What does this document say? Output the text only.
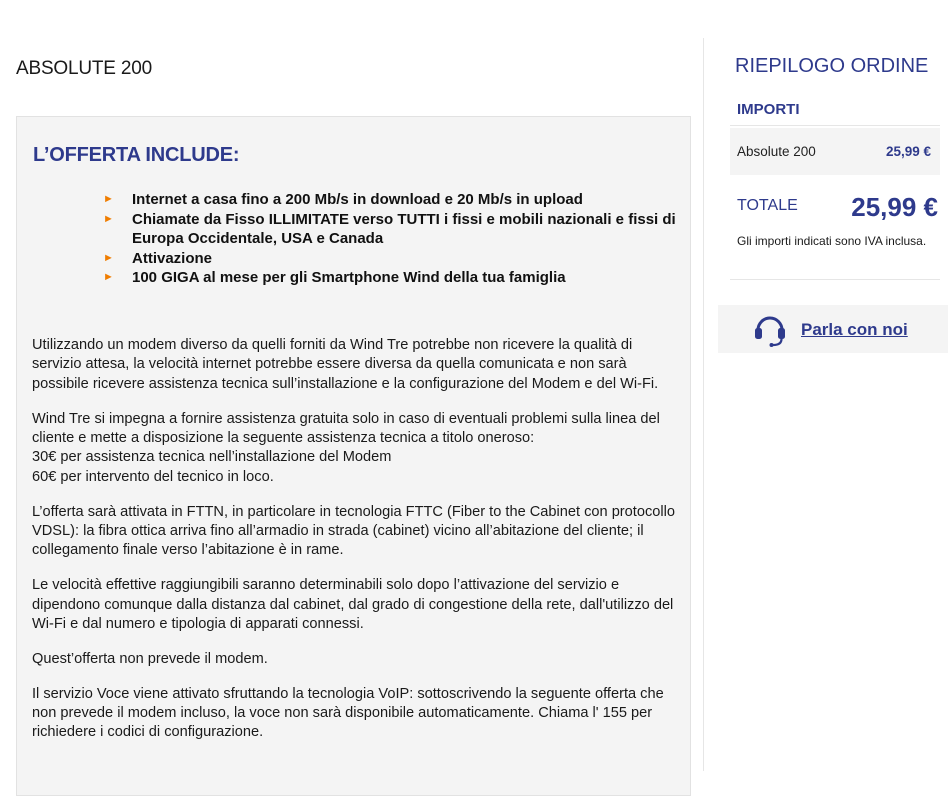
ABSOLUTE 200
L’OFFERTA INCLUDE:
► Internet a casa fino a 200 Mb/s in download e 20 Mb/s in upload
► Chiamate da Fisso ILLIMITATE verso TUTTI i fissi e mobili nazionali e fissi di Europa Occidentale, USA e Canada
► Attivazione
► 100 GIGA al mese per gli Smartphone Wind della tua famiglia

Utilizzando un modem diverso da quelli forniti da Wind Tre potrebbe non ricevere la qualità di servizio attesa, la velocità internet potrebbe essere diversa da quella comunicata e non sarà possibile ricevere assistenza tecnica sull’installazione e la configurazione del Modem e del Wi-Fi.

Wind Tre si impegna a fornire assistenza gratuita solo in caso di eventuali problemi sulla linea del cliente e mette a disposizione la seguente assistenza tecnica a titolo oneroso:
30€ per assistenza tecnica nell’installazione del Modem
60€ per intervento del tecnico in loco.

L’offerta sarà attivata in FTTN, in particolare in tecnologia FTTC (Fiber to the Cabinet con protocollo VDSL): la fibra ottica arriva fino all’armadio in strada (cabinet) vicino all’abitazione del cliente; il collegamento finale verso l’abitazione è in rame.

Le velocità effettive raggiungibili saranno determinabili solo dopo l’attivazione del servizio e dipendono comunque dalla distanza dal cabinet, dal grado di congestione della rete, dall'utilizzo del Wi-Fi e dal numero e tipologia di apparati connessi.

Quest’offerta non prevede il modem.

Il servizio Voce viene attivato sfruttando la tecnologia VoIP: sottoscrivendo la seguente offerta che non prevede il modem incluso, la voce non sarà disponibile automaticamente. Chiama l' 155 per richiedere i codici di configurazione.

RIEPILOGO ORDINE
IMPORTI
Absolute 200	25,99 €
TOTALE 25,99 €
Gli importi indicati sono IVA inclusa.
Parla con noi
